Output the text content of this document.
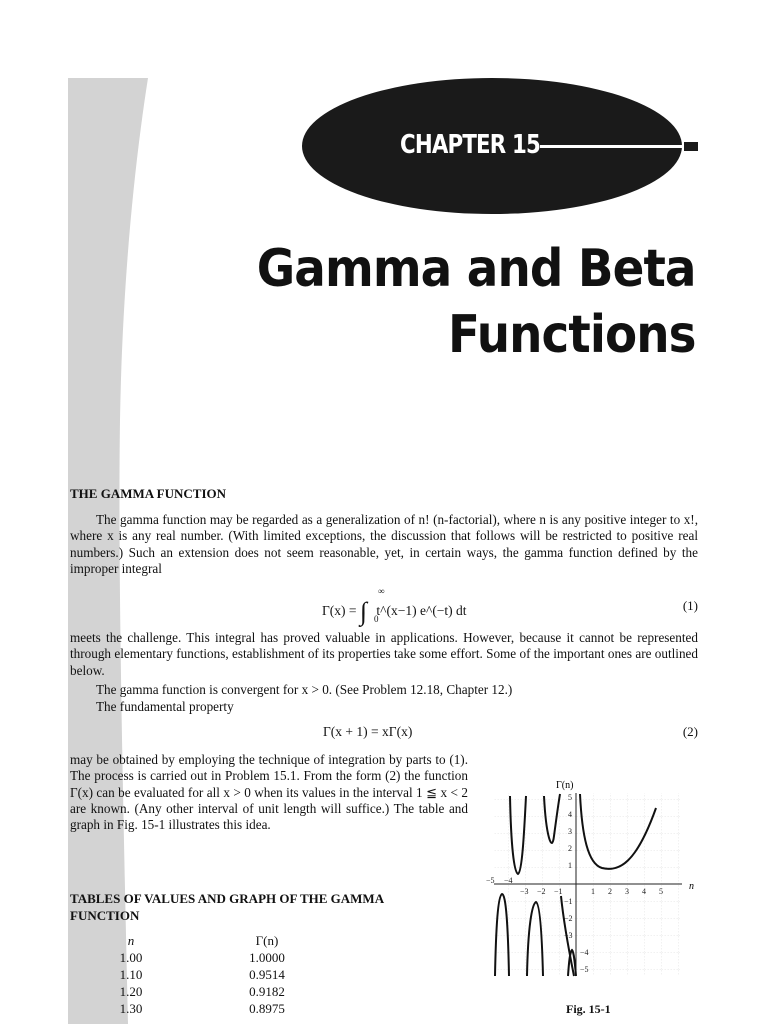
CHAPTER 15
Gamma and Beta
Functions
THE GAMMA FUNCTION
The gamma function may be regarded as a generalization of n! (n-factorial), where n is any positive integer to x!, where x is any real number. (With limited exceptions, the discussion that follows will be restricted to positive real numbers.) Such an extension does not seem reasonable, yet, in certain ways, the gamma function defined by the improper integral
Γ(x) = ∫
∞
0
t^(x−1) e^(−t) dt	(1)
meets the challenge. This integral has proved valuable in applications. However, because it cannot be represented through elementary functions, establishment of its properties take some effort. Some of the important ones are outlined below.
The gamma function is convergent for x > 0. (See Problem 12.18, Chapter 12.)
The fundamental property
Γ(x + 1) = xΓ(x)	(2)
may be obtained by employing the technique of integration by parts to (1). The process is carried out in Problem 15.1. From the form (2) the function Γ(x) can be evaluated for all x > 0 when its values in the interval 1 ≦ x < 2 are known. (Any other interval of unit length will suffice.) The table and graph in Fig. 15-1 illustrates this idea.
TABLES OF VALUES AND GRAPH OF THE GAMMA
FUNCTION
n	Γ(n)
1.00	1.0000
1.10	0.9514
1.20	0.9182
1.30	0.8975
Γ(n)
n
−5 −4
−3 −2 −1	1 2 3 4 5
5
4
3
2
1
−1
−2
−3
−4
−5
Fig. 15-1
